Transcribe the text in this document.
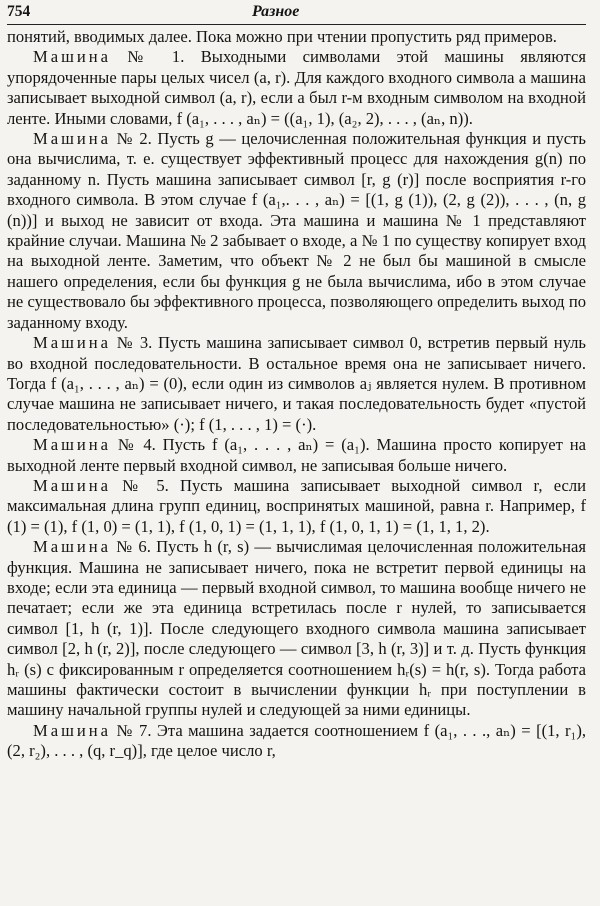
754	Разное

понятий, вводимых далее. Пока можно при чтении пропустить ряд примеров.

Машина № 1. Выходными символами этой машины являются упорядоченные пары целых чисел (a, r). Для каждого входного символа a машина записывает выходной символ (a, r), если a был r-м входным символом на входной ленте. Иными словами, f (a₁, . . . , aₙ) = ((a₁, 1), (a₂, 2), . . . , (aₙ, n)).

Машина № 2. Пусть g — целочисленная положительная функция и пусть она вычислима, т. е. существует эффективный процесс для нахождения g(n) по заданному n. Пусть машина записывает символ [r, g (r)] после восприятия r-го входного символа. В этом случае f (a₁,. . . , aₙ) = [(1, g (1)), (2, g (2)), . . . , (n, g (n))] и выход не зависит от входа. Эта машина и машина № 1 представляют крайние случаи. Машина № 2 забывает о входе, а № 1 по существу копирует вход на выходной ленте. Заметим, что объект № 2 не был бы машиной в смысле нашего определения, если бы функция g не была вычислима, ибо в этом случае не существовало бы эффективного процесса, позволяющего определить выход по заданному входу.

Машина № 3. Пусть машина записывает символ 0, встретив первый нуль во входной последовательности. В остальное время она не записывает ничего. Тогда f (a₁, . . . , aₙ) = (0), если один из символов aⱼ является нулем. В противном случае машина не записывает ничего, и такая последовательность будет «пустой последовательностью» (·); f (1, . . . , 1) = (·).

Машина № 4. Пусть f (a₁, . . . , aₙ) = (a₁). Машина просто копирует на выходной ленте первый входной символ, не записывая больше ничего.

Машина № 5. Пусть машина записывает выходной символ r, если максимальная длина групп единиц, воспринятых машиной, равна r. Например, f (1) = (1), f (1, 0) = (1, 1), f (1, 0, 1) = (1, 1, 1), f (1, 0, 1, 1) = (1, 1, 1, 2).

Машина № 6. Пусть h (r, s) — вычислимая целочисленная положительная функция. Машина не записывает ничего, пока не встретит первой единицы на входе; если эта единица — первый входной символ, то машина вообще ничего не печатает; если же эта единица встретилась после r нулей, то записывается символ [1, h (r, 1)]. После следующего входного символа машина записывает символ [2, h (r, 2)], после следующего — символ [3, h (r, 3)] и т. д. Пусть функция hᵣ (s) с фиксированным r определяется соотношением hᵣ(s) = h(r, s). Тогда работа машины фактически состоит в вычислении функции hᵣ при поступлении в машину начальной группы нулей и следующей за ними единицы.

Машина № 7. Эта машина задается соотношением f (a₁, . . ., aₙ) = [(1, r₁), (2, r₂), . . . , (q, r_q)], где целое число r,
